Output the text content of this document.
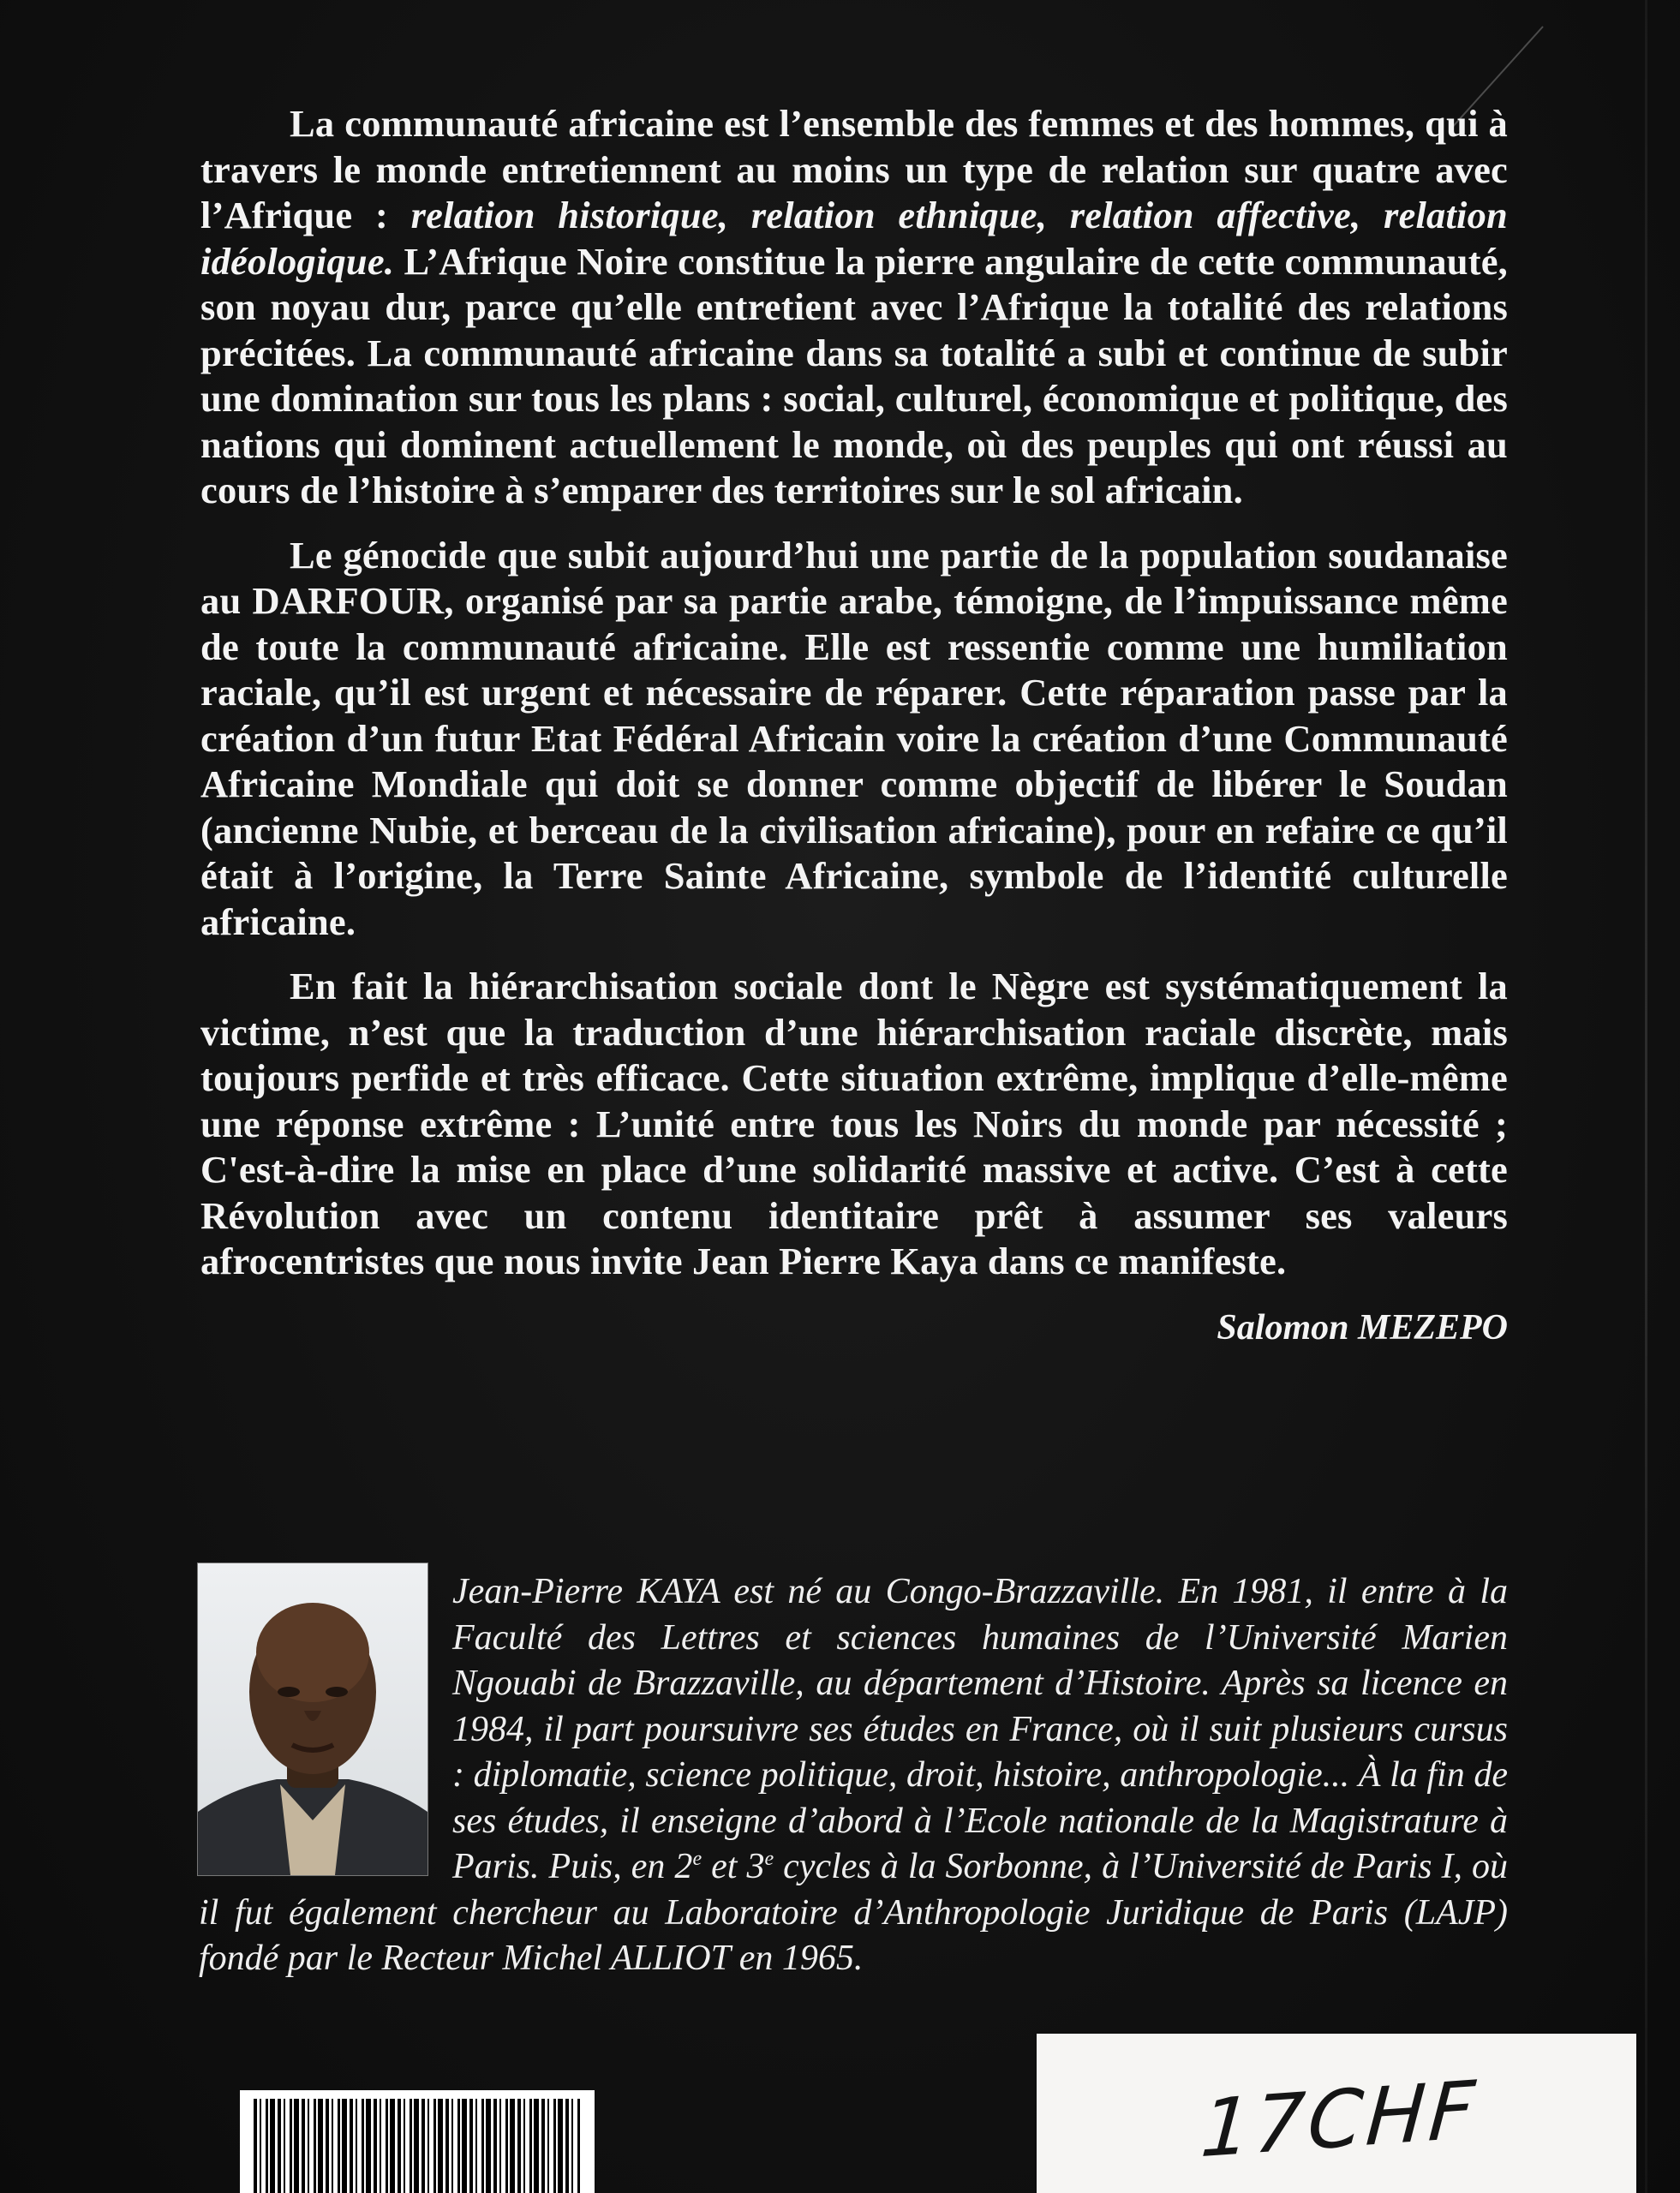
La communauté africaine est l’ensemble des femmes et des hommes, qui à travers le monde entretiennent au moins un type de relation sur quatre avec l’Afrique : relation historique, relation ethnique, relation affective, relation idéologique. L’Afrique Noire constitue la pierre angulaire de cette communauté, son noyau dur, parce qu’elle entretient avec l’Afrique la totalité des relations précitées. La communauté africaine dans sa totalité a subi et continue de subir une domination sur tous les plans : social, culturel, économique et politique, des nations qui dominent actuellement le monde, où des peuples qui ont réussi au cours de l’histoire à s’emparer des territoires sur le sol africain.

Le génocide que subit aujourd’hui une partie de la population soudanaise au DARFOUR, organisé par sa partie arabe, témoigne, de l’impuissance même de toute la communauté africaine. Elle est ressentie comme une humiliation raciale, qu’il est urgent et nécessaire de réparer. Cette réparation passe par la création d’un futur Etat Fédéral Africain voire la création d’une Communauté Africaine Mondiale qui doit se donner comme objectif de libérer le Soudan (ancienne Nubie, et berceau de la civilisation africaine), pour en refaire ce qu’il était à l’origine, la Terre Sainte Africaine, symbole de l’identité culturelle africaine.

En fait la hiérarchisation sociale dont le Nègre est systématiquement la victime, n’est que la traduction d’une hiérarchisation raciale discrète, mais toujours perfide et très efficace. Cette situation extrême, implique d’elle-même une réponse extrême : L’unité entre tous les Noirs du monde par nécessité ; C'est-à-dire la mise en place d’une solidarité massive et active. C’est à cette Révolution avec un contenu identitaire prêt à assumer ses valeurs afrocentristes que nous invite Jean Pierre Kaya dans ce manifeste.

Salomon MEZEPO

Jean-Pierre KAYA est né au Congo-Brazzaville. En 1981, il entre à la Faculté des Lettres et sciences humaines de l’Université Marien Ngouabi de Brazzaville, au département d’Histoire. Après sa licence en 1984, il part poursuivre ses études en France, où il suit plusieurs cursus : diplomatie, science politique, droit, histoire, anthropologie... À la fin de ses études, il enseigne d’abord à l’Ecole nationale de la Magistrature à Paris. Puis, en 2e et 3e cycles à la Sorbonne, à l’Université de Paris I, où il fut également chercheur au Laboratoire d’Anthropologie Juridique de Paris (LAJP) fondé par le Recteur Michel ALLIOT en 1965.

17CHF
